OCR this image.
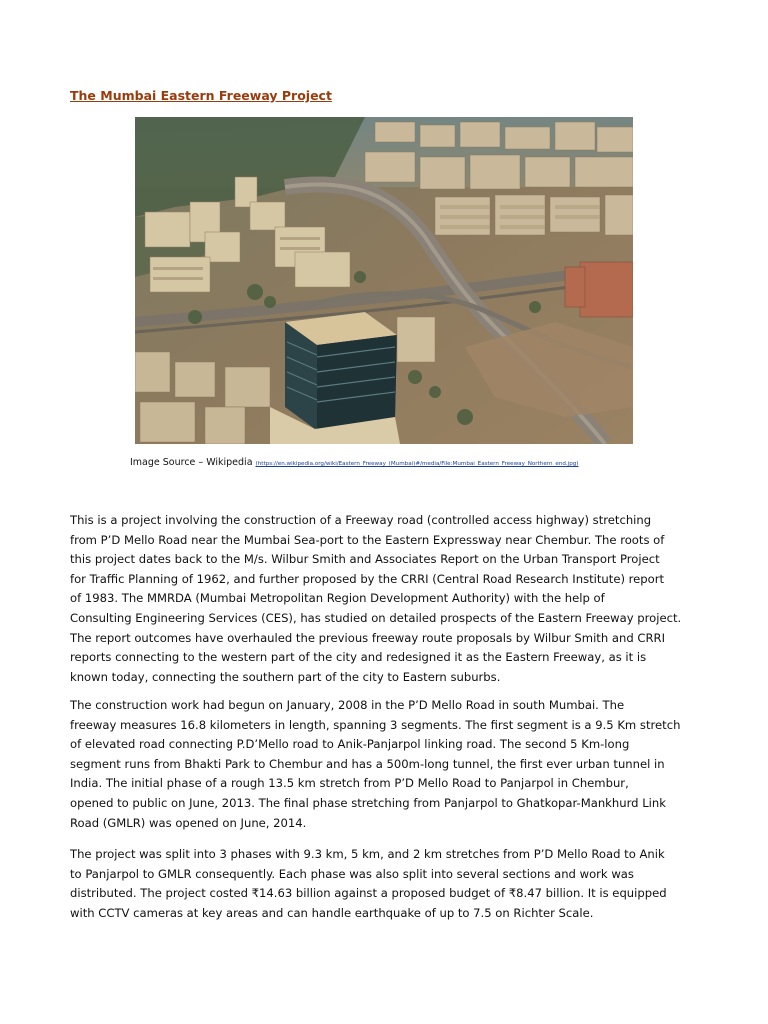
The Mumbai Eastern Freeway Project
Image Source – Wikipedia (https://en.wikipedia.org/wiki/Eastern_Freeway_(Mumbai)#/media/File:Mumbai_Eastern_Freeway_Northern_end.jpg)
This is a project involving the construction of a Freeway road (controlled access highway) stretching
from P’D Mello Road near the Mumbai Sea-port to the Eastern Expressway near Chembur. The roots of
this project dates back to the M/s. Wilbur Smith and Associates Report on the Urban Transport Project
for Traffic Planning of 1962, and further proposed by the CRRI (Central Road Research Institute) report
of 1983. The MMRDA (Mumbai Metropolitan Region Development Authority) with the help of
Consulting Engineering Services (CES), has studied on detailed prospects of the Eastern Freeway project.
The report outcomes have overhauled the previous freeway route proposals by Wilbur Smith and CRRI
reports connecting to the western part of the city and redesigned it as the Eastern Freeway, as it is
known today, connecting the southern part of the city to Eastern suburbs.
The construction work had begun on January, 2008 in the P’D Mello Road in south Mumbai. The
freeway measures 16.8 kilometers in length, spanning 3 segments. The first segment is a 9.5 Km stretch
of elevated road connecting P.D’Mello road to Anik-Panjarpol linking road. The second 5 Km-long
segment runs from Bhakti Park to Chembur and has a 500m-long tunnel, the first ever urban tunnel in
India. The initial phase of a rough 13.5 km stretch from P’D Mello Road to Panjarpol in Chembur,
opened to public on June, 2013. The final phase stretching from Panjarpol to Ghatkopar-Mankhurd Link
Road (GMLR) was opened on June, 2014.
The project was split into 3 phases with 9.3 km, 5 km, and 2 km stretches from P’D Mello Road to Anik
to Panjarpol to GMLR consequently. Each phase was also split into several sections and work was
distributed. The project costed ₹14.63 billion against a proposed budget of ₹8.47 billion. It is equipped
with CCTV cameras at key areas and can handle earthquake of up to 7.5 on Richter Scale.
